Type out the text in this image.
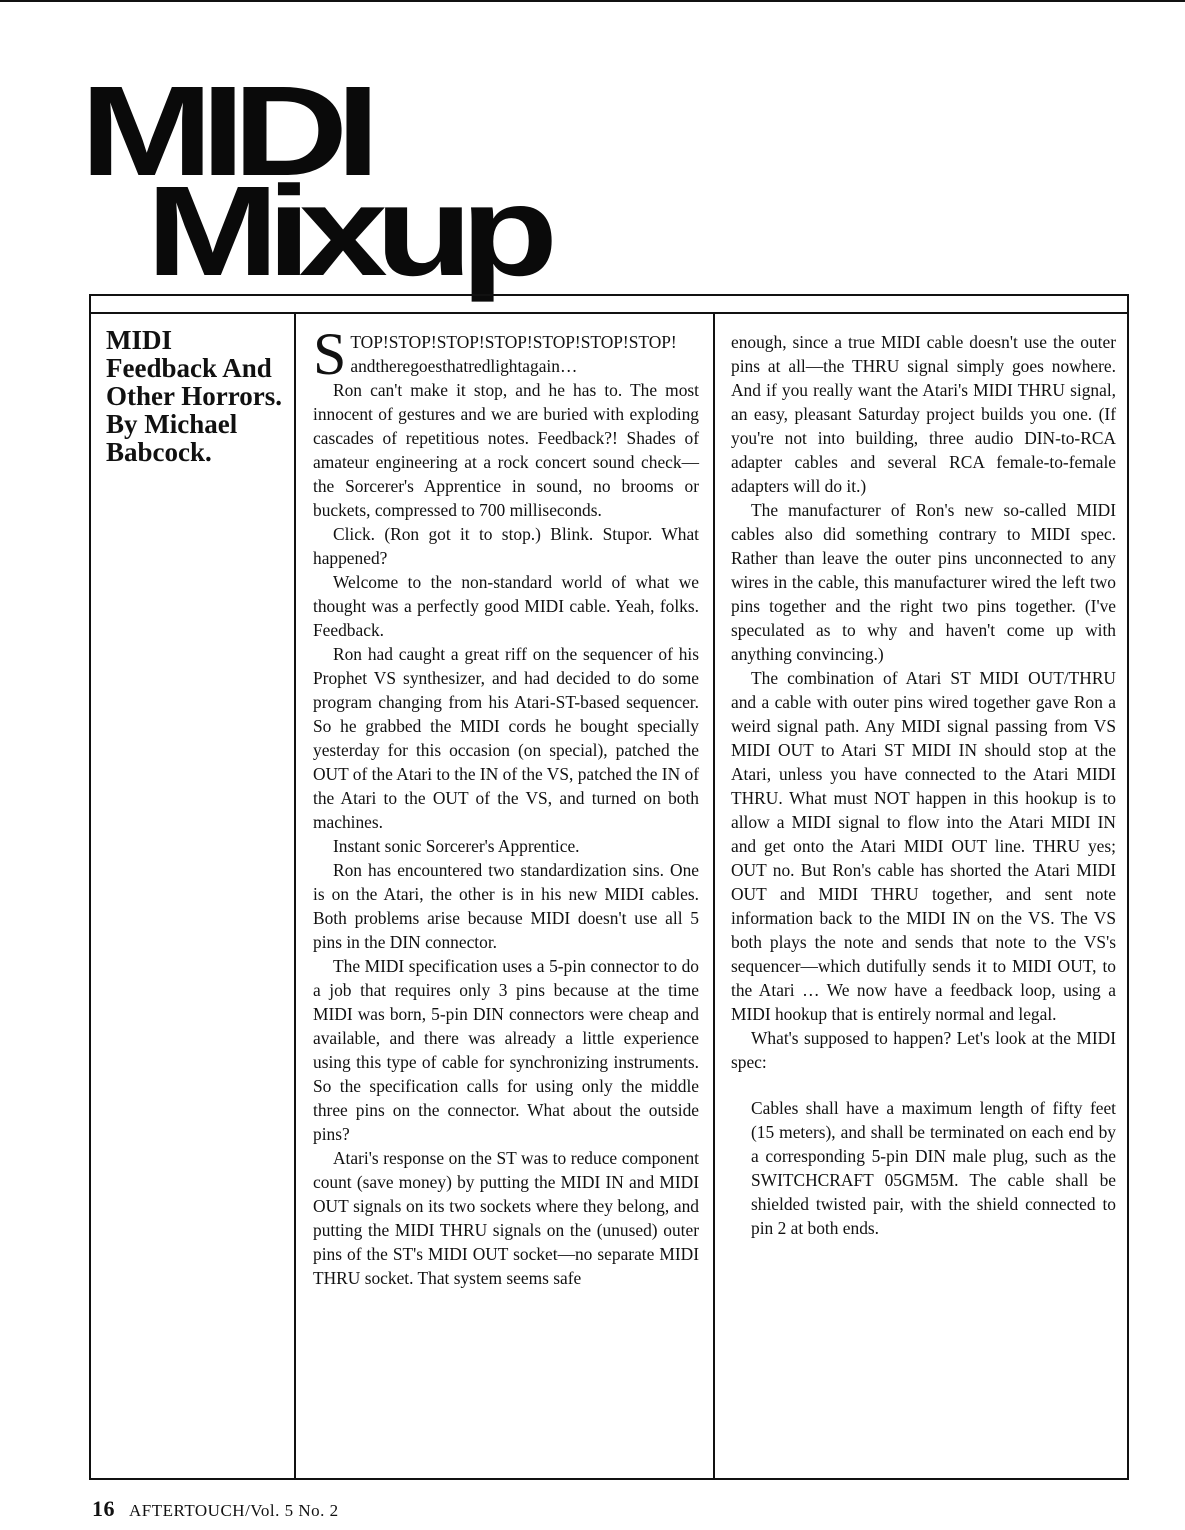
MIDI
Mixup

MIDI Feedback And Other Horrors. By Michael Babcock.

STOP!STOP!STOP!STOP!STOP!STOP!STOP! andtheregoesthatredlightagain…

Ron can't make it stop, and he has to. The most innocent of gestures and we are buried with exploding cascades of repetitious notes. Feedback?! Shades of amateur engineering at a rock concert sound check—the Sorcerer's Apprentice in sound, no brooms or buckets, compressed to 700 milliseconds.

Click. (Ron got it to stop.) Blink. Stupor. What happened?

Welcome to the non-standard world of what we thought was a perfectly good MIDI cable. Yeah, folks. Feedback.

Ron had caught a great riff on the sequencer of his Prophet VS synthesizer, and had decided to do some program changing from his Atari-ST-based sequencer. So he grabbed the MIDI cords he bought specially yesterday for this occasion (on special), patched the OUT of the Atari to the IN of the VS, patched the IN of the Atari to the OUT of the VS, and turned on both machines.

Instant sonic Sorcerer's Apprentice.

Ron has encountered two standardization sins. One is on the Atari, the other is in his new MIDI cables. Both problems arise because MIDI doesn't use all 5 pins in the DIN connector.

The MIDI specification uses a 5-pin connector to do a job that requires only 3 pins because at the time MIDI was born, 5-pin DIN connectors were cheap and available, and there was already a little experience using this type of cable for synchronizing instruments. So the specification calls for using only the middle three pins on the connector. What about the outside pins?

Atari's response on the ST was to reduce component count (save money) by putting the MIDI IN and MIDI OUT signals on its two sockets where they belong, and putting the MIDI THRU signals on the (unused) outer pins of the ST's MIDI OUT socket—no separate MIDI THRU socket. That system seems safe

enough, since a true MIDI cable doesn't use the outer pins at all—the THRU signal simply goes nowhere. And if you really want the Atari's MIDI THRU signal, an easy, pleasant Saturday project builds you one. (If you're not into building, three audio DIN-to-RCA adapter cables and several RCA female-to-female adapters will do it.)

The manufacturer of Ron's new so-called MIDI cables also did something contrary to MIDI spec. Rather than leave the outer pins unconnected to any wires in the cable, this manufacturer wired the left two pins together and the right two pins together. (I've speculated as to why and haven't come up with anything convincing.)

The combination of Atari ST MIDI OUT/THRU and a cable with outer pins wired together gave Ron a weird signal path. Any MIDI signal passing from VS MIDI OUT to Atari ST MIDI IN should stop at the Atari, unless you have connected to the Atari MIDI THRU. What must NOT happen in this hookup is to allow a MIDI signal to flow into the Atari MIDI IN and get onto the Atari MIDI OUT line. THRU yes; OUT no. But Ron's cable has shorted the Atari MIDI OUT and MIDI THRU together, and sent note information back to the MIDI IN on the VS. The VS both plays the note and sends that note to the VS's sequencer—which dutifully sends it to MIDI OUT, to the Atari … We now have a feedback loop, using a MIDI hookup that is entirely normal and legal.

What's supposed to happen? Let's look at the MIDI spec:

Cables shall have a maximum length of fifty feet (15 meters), and shall be terminated on each end by a corresponding 5-pin DIN male plug, such as the SWITCHCRAFT 05GM5M. The cable shall be shielded twisted pair, with the shield connected to pin 2 at both ends.

16 AFTERTOUCH/Vol. 5 No. 2
